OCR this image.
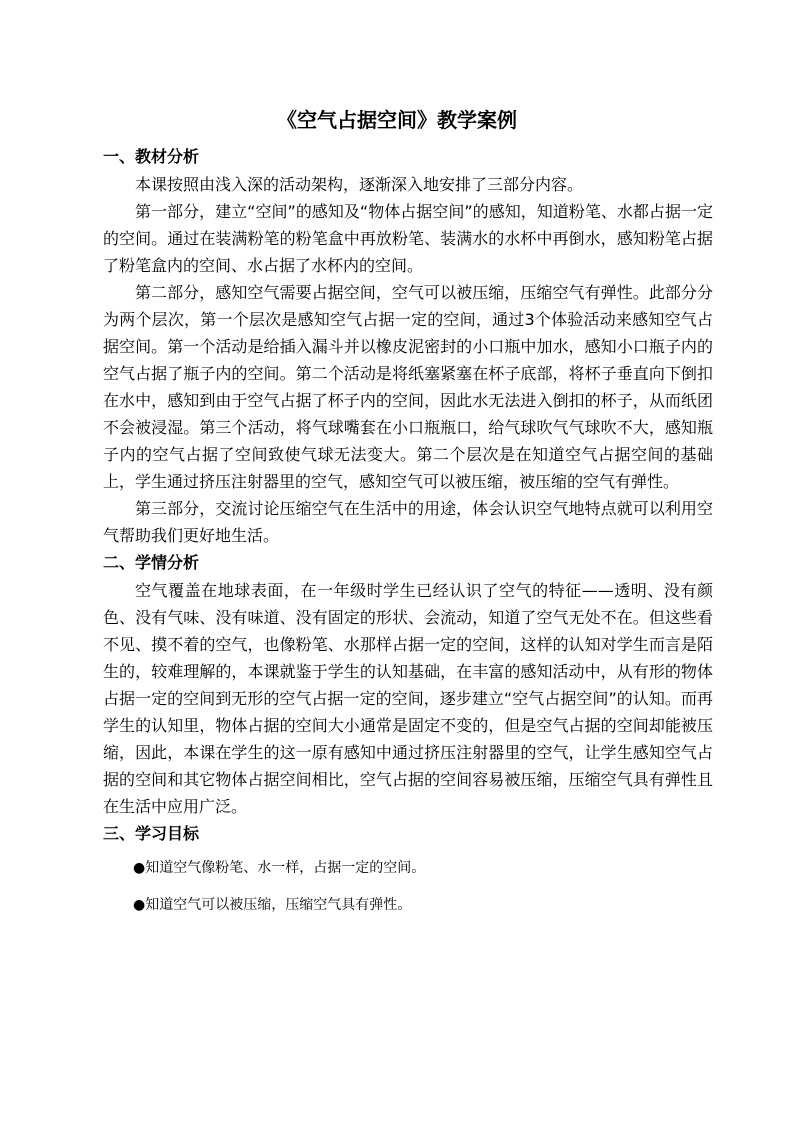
《空气占据空间》教学案例

一、教材分析

本课按照由浅入深的活动架构，逐渐深入地安排了三部分内容。

第一部分，建立“空间”的感知及“物体占据空间”的感知，知道粉笔、水都占据一定的空间。通过在装满粉笔的粉笔盒中再放粉笔、装满水的水杯中再倒水，感知粉笔占据了粉笔盒内的空间、水占据了水杯内的空间。

第二部分，感知空气需要占据空间，空气可以被压缩，压缩空气有弹性。此部分分为两个层次，第一个层次是感知空气占据一定的空间，通过3个体验活动来感知空气占据空间。第一个活动是给插入漏斗并以橡皮泥密封的小口瓶中加水，感知小口瓶子内的空气占据了瓶子内的空间。第二个活动是将纸塞紧塞在杯子底部，将杯子垂直向下倒扣在水中，感知到由于空气占据了杯子内的空间，因此水无法进入倒扣的杯子，从而纸团不会被浸湿。第三个活动，将气球嘴套在小口瓶瓶口，给气球吹气气球吹不大，感知瓶子内的空气占据了空间致使气球无法变大。第二个层次是在知道空气占据空间的基础上，学生通过挤压注射器里的空气，感知空气可以被压缩，被压缩的空气有弹性。

第三部分，交流讨论压缩空气在生活中的用途，体会认识空气地特点就可以利用空气帮助我们更好地生活。

二、学情分析

空气覆盖在地球表面，在一年级时学生已经认识了空气的特征——透明、没有颜色、没有气味、没有味道、没有固定的形状、会流动，知道了空气无处不在。但这些看不见、摸不着的空气，也像粉笔、水那样占据一定的空间，这样的认知对学生而言是陌生的，较难理解的，本课就鉴于学生的认知基础，在丰富的感知活动中，从有形的物体占据一定的空间到无形的空气占据一定的空间，逐步建立“空气占据空间”的认知。而再学生的认知里，物体占据的空间大小通常是固定不变的，但是空气占据的空间却能被压缩，因此，本课在学生的这一原有感知中通过挤压注射器里的空气，让学生感知空气占据的空间和其它物体占据空间相比，空气占据的空间容易被压缩，压缩空气具有弹性且在生活中应用广泛。

三、学习目标

●知道空气像粉笔、水一样，占据一定的空间。

●知道空气可以被压缩，压缩空气具有弹性。
